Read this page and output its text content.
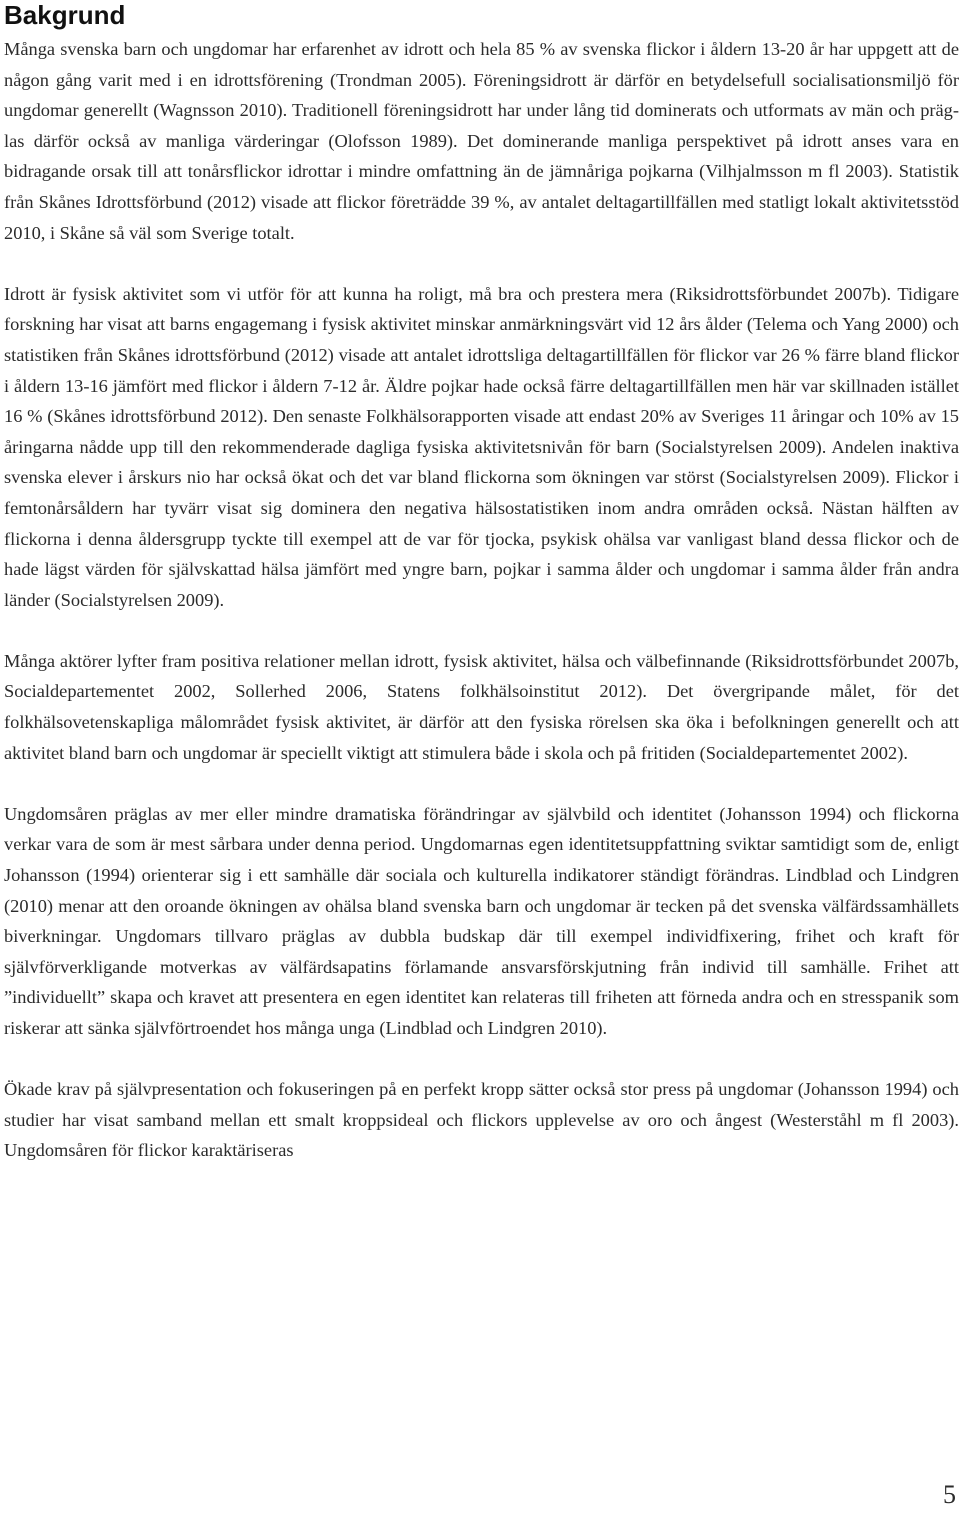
Bakgrund

Många svenska barn och ungdomar har erfarenhet av idrott och hela 85 % av svenska flickor i åldern 13-20 år har uppgett att de någon gång varit med i en idrottsförening (Trondman 2005). Föreningsidrott är därför en betydelsefull socialisationsmiljö för ungdomar generellt (Wagnsson 2010). Traditionell föreningsidrott har under lång tid dominerats och utformats av män och präglas därför också av manliga värderingar (Olofsson 1989). Det dominerande manliga perspektivet på idrott anses vara en bidragande orsak till att tonårsflickor idrottar i mindre omfattning än de jämnåriga pojkarna (Vilhjalmsson m fl 2003). Statistik från Skånes Idrottsförbund (2012) visade att flickor företrädde 39 %, av antalet deltagartillfällen med statligt lokalt aktivitetsstöd 2010, i Skåne så väl som Sverige totalt.

Idrott är fysisk aktivitet som vi utför för att kunna ha roligt, må bra och prestera mera (Riksidrottsförbundet 2007b). Tidigare forskning har visat att barns engagemang i fysisk aktivitet minskar anmärkningsvärt vid 12 års ålder (Telema och Yang 2000) och statistiken från Skånes idrottsförbund (2012) visade att antalet idrottsliga deltagartillfällen för flickor var 26 % färre bland flickor i åldern 13-16 jämfört med flickor i åldern 7-12 år. Äldre pojkar hade också färre deltagartillfällen men här var skillnaden istället 16 % (Skånes idrottsförbund 2012). Den senaste Folkhälsorapporten visade att endast 20% av Sveriges 11 åringar och 10% av 15 åringarna nådde upp till den rekommenderade dagliga fysiska aktivitetsnivån för barn (Socialstyrelsen 2009). Andelen inaktiva svenska elever i årskurs nio har också ökat och det var bland flickorna som ökningen var störst (Socialstyrelsen 2009). Flickor i femtonårsåldern har tyvärr visat sig dominera den negativa hälsostatistiken inom andra områden också. Nästan hälften av flickorna i denna åldersgrupp tyckte till exempel att de var för tjocka, psykisk ohälsa var vanligast bland dessa flickor och de hade lägst värden för självskattad hälsa jämfört med yngre barn, pojkar i samma ålder och ungdomar i samma ålder från andra länder (Socialstyrelsen 2009).

Många aktörer lyfter fram positiva relationer mellan idrott, fysisk aktivitet, hälsa och välbefinnande (Riksidrottsförbundet 2007b, Socialdepartementet 2002, Sollerhed 2006, Statens folkhälsoinstitut 2012). Det övergripande målet, för det folkhälsovetenskapliga målområdet fysisk aktivitet, är därför att den fysiska rörelsen ska öka i befolkningen generellt och att aktivitet bland barn och ungdomar är speciellt viktigt att stimulera både i skola och på fritiden (Socialdepartementet 2002).

Ungdomsåren präglas av mer eller mindre dramatiska förändringar av självbild och identitet (Johansson 1994) och flickorna verkar vara de som är mest sårbara under denna period. Ungdomarnas egen identitetsuppfattning sviktar samtidigt som de, enligt Johansson (1994) orienterar sig i ett samhälle där sociala och kulturella indikatorer ständigt förändras. Lindblad och Lindgren (2010) menar att den oroande ökningen av ohälsa bland svenska barn och ungdomar är tecken på det svenska välfärdssamhällets biverkningar. Ungdomars tillvaro präglas av dubbla budskap där till exempel individfixering, frihet och kraft för självförverkligande motverkas av välfärdsapatins förlamande ansvarsförskjutning från individ till samhälle. Frihet att ”individuellt” skapa och kravet att presentera en egen identitet kan relateras till friheten att förneda andra och en stresspanik som riskerar att sänka självförtroendet hos många unga (Lindblad och Lindgren 2010).

Ökade krav på självpresentation och fokuseringen på en perfekt kropp sätter också stor press på ungdomar (Johansson 1994) och studier har visat samband mellan ett smalt kroppsideal och flickors upplevelse av oro och ångest (Westerståhl m fl 2003). Ungdomsåren för flickor karaktäriseras

5
